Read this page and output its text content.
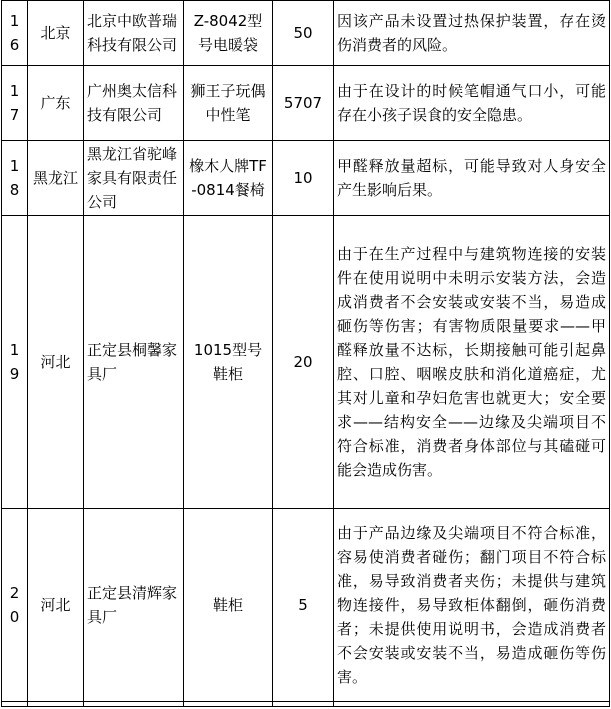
16	北京	北京中欧普瑞科技有限公司	Z-8042型号电暖袋	50	因该产品未设置过热保护装置，存在烫伤消费者的风险。
17	广东	广州奥太信科技有限公司	狮王子玩偶中性笔	5707	由于在设计的时候笔帽通气口小，可能存在小孩子误食的安全隐患。
18	黑龙江	黑龙江省驼峰家具有限责任公司	橡木人牌TF-0814餐椅	10	甲醛释放量超标，可能导致对人身安全产生影响后果。
19	河北	正定县桐馨家具厂	1015型号鞋柜	20	由于在生产过程中与建筑物连接的安装件在使用说明中未明示安装方法，会造成消费者不会安装或安装不当，易造成砸伤等伤害；有害物质限量要求——甲醛释放量不达标，长期接触可能引起鼻腔、口腔、咽喉皮肤和消化道癌症，尤其对儿童和孕妇危害也就更大；安全要求——结构安全——边缘及尖端项目不符合标准，消费者身体部位与其磕碰可能会造成伤害。
20	河北	正定县清辉家具厂	鞋柜	5	由于产品边缘及尖端项目不符合标准，容易使消费者碰伤；翻门项目不符合标准，易导致消费者夹伤；未提供与建筑物连接件，易导致柜体翻倒，砸伤消费者；未提供使用说明书，会造成消费者不会安装或安装不当，易造成砸伤等伤害。
